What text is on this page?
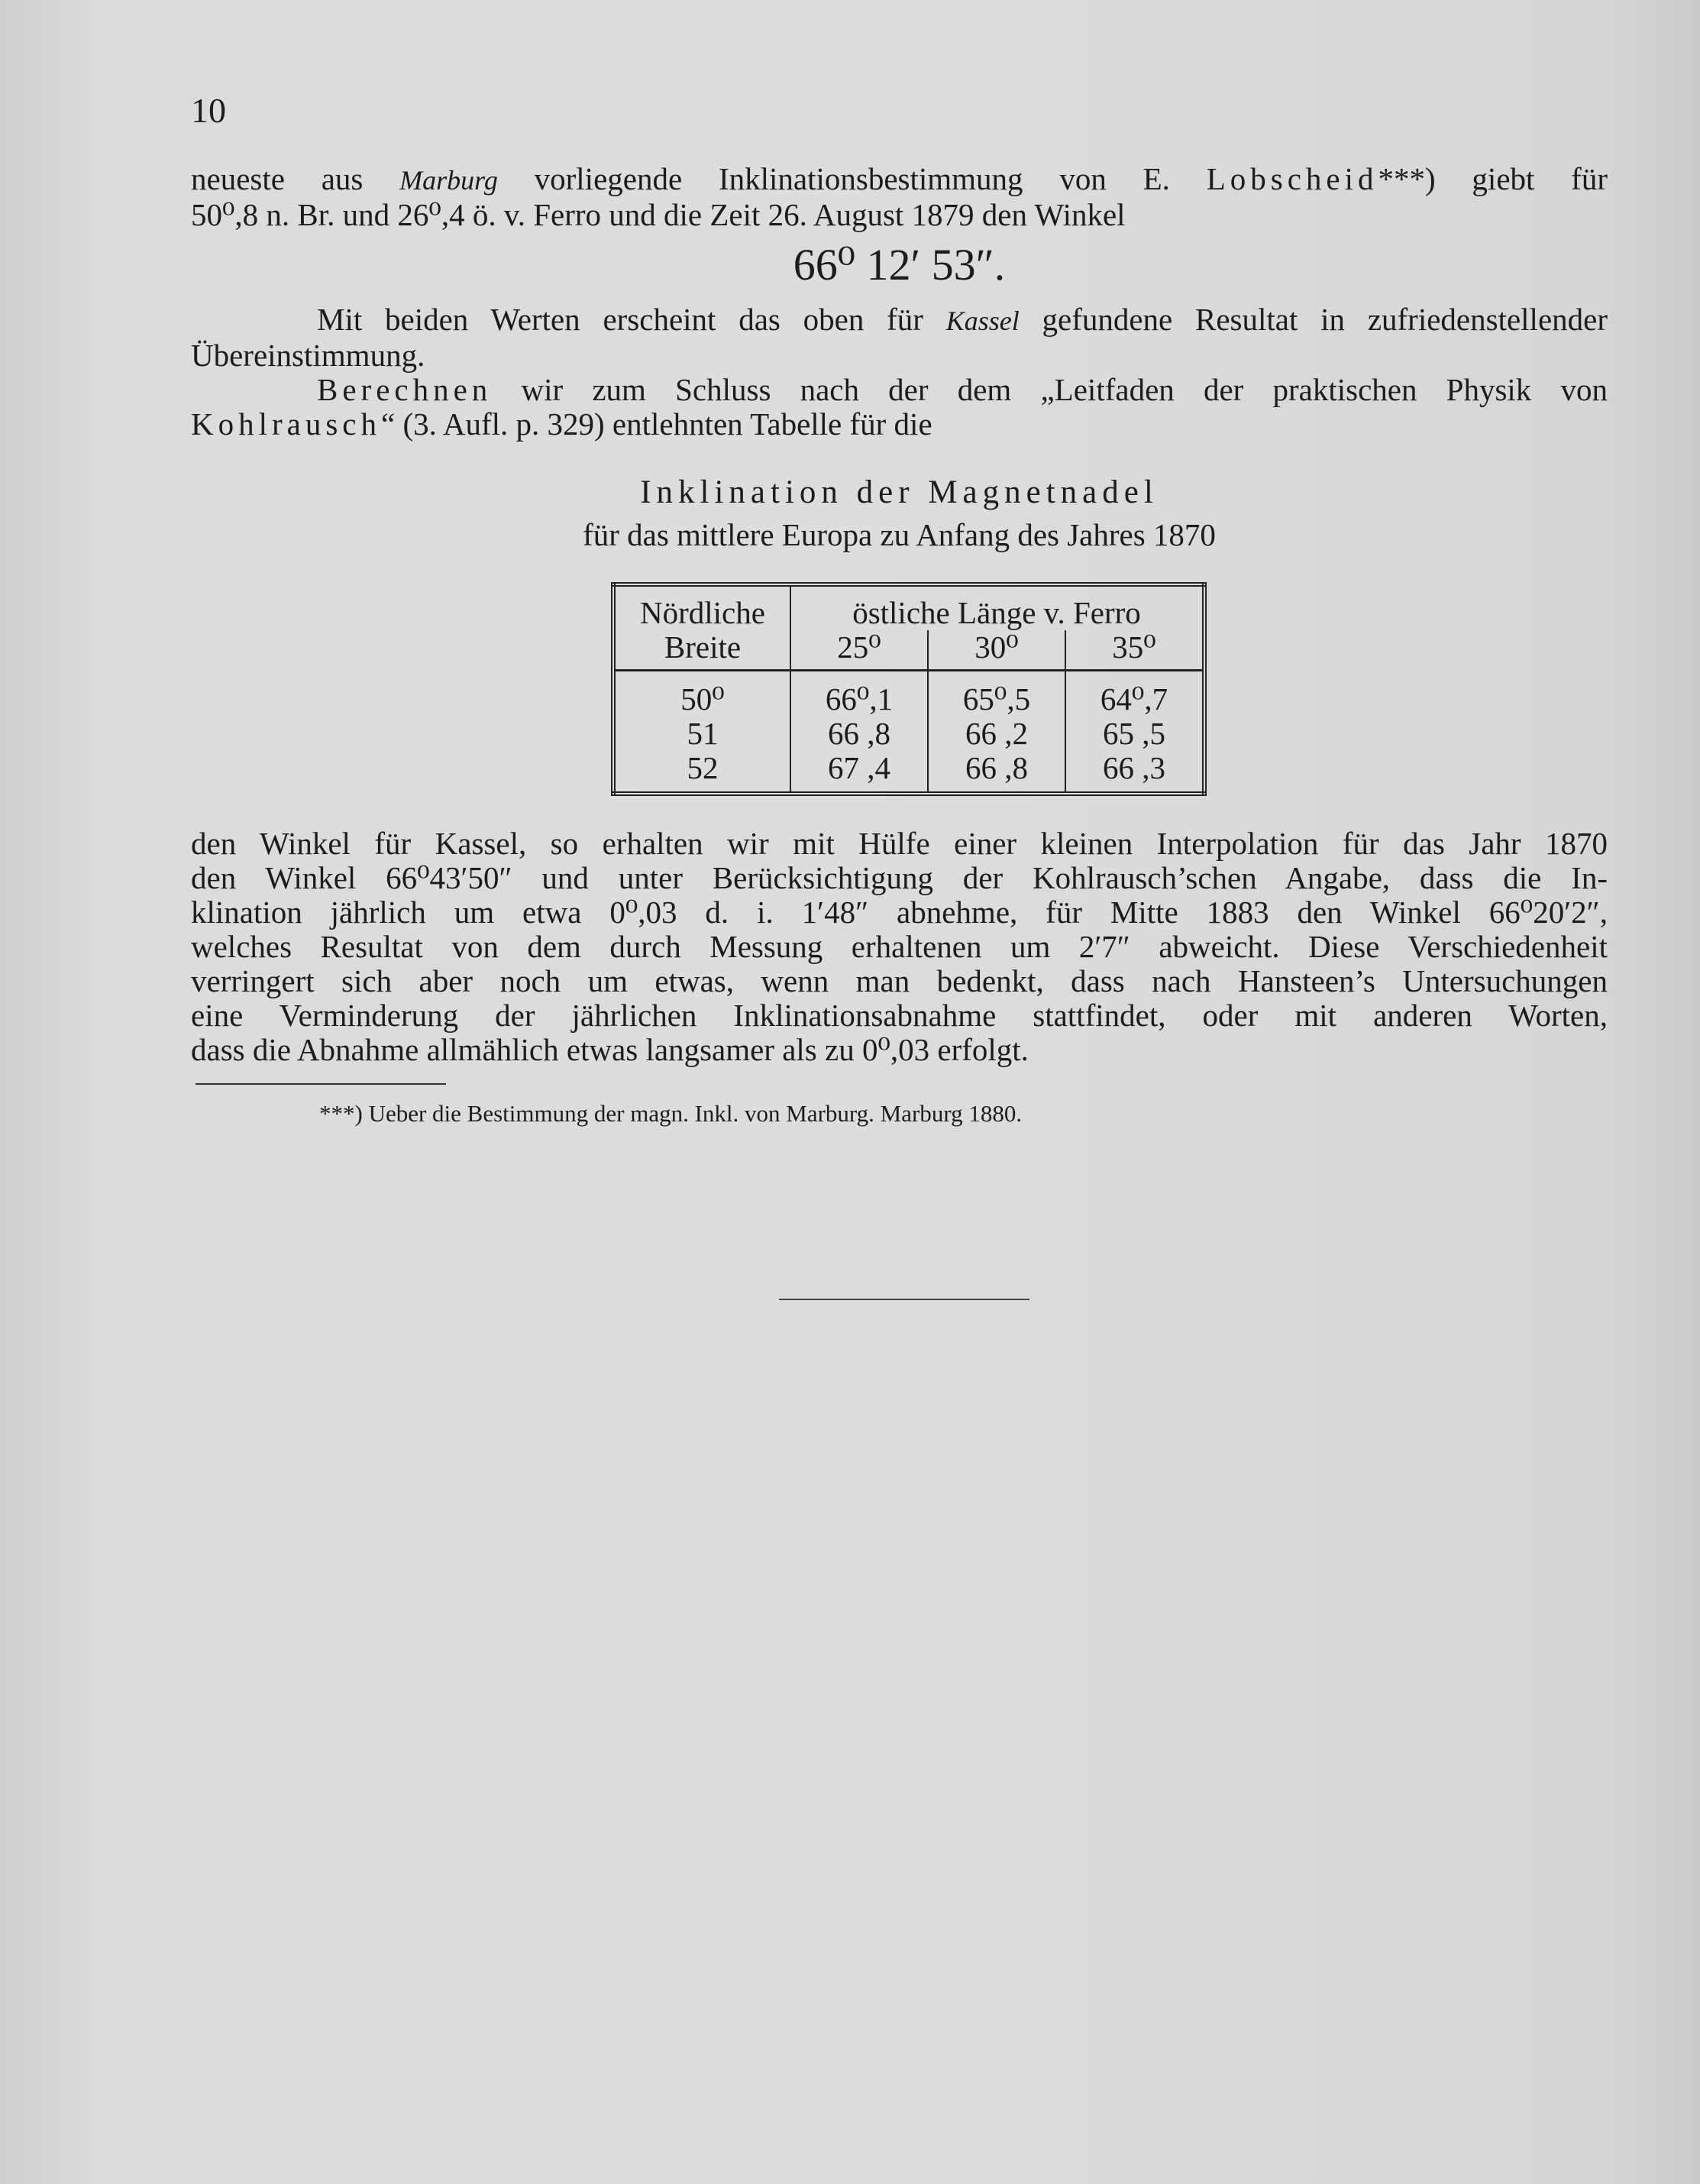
10
neueste aus Marburg vorliegende Inklinationsbestimmung von E. Lobscheid***) giebt für
50⁰,8 n. Br. und 26⁰,4 ö. v. Ferro und die Zeit 26. August 1879 den Winkel
66⁰ 12′ 53″.
Mit beiden Werten erscheint das oben für Kassel gefundene Resultat in zufriedenstellender
Übereinstimmung.
Berechnen wir zum Schluss nach der dem „Leitfaden der praktischen Physik von
Kohlrausch“ (3. Aufl. p. 329) entlehnten Tabelle für die
Inklination der Magnetnadel
für das mittlere Europa zu Anfang des Jahres 1870
Nördliche
Breite	östliche Länge v. Ferro		
	25⁰	30⁰	35⁰
50⁰	66⁰,1	65⁰,5	64⁰,7
51	66 ,8	66 ,2	65 ,5
52	67 ,4	66 ,8	66 ,3
den Winkel für Kassel, so erhalten wir mit Hülfe einer kleinen Interpolation für das Jahr 1870
den Winkel 66⁰43′50″ und unter Berücksichtigung der Kohlrausch’schen Angabe, dass die In-
klination jährlich um etwa 0⁰,03 d. i. 1′48″ abnehme, für Mitte 1883 den Winkel 66⁰20′2″,
welches Resultat von dem durch Messung erhaltenen um 2′7″ abweicht. Diese Verschiedenheit
verringert sich aber noch um etwas, wenn man bedenkt, dass nach Hansteen’s Untersuchungen
eine Verminderung der jährlichen Inklinationsabnahme stattfindet, oder mit anderen Worten,
dass die Abnahme allmählich etwas langsamer als zu 0⁰,03 erfolgt.
***) Ueber die Bestimmung der magn. Inkl. von Marburg. Marburg 1880.
